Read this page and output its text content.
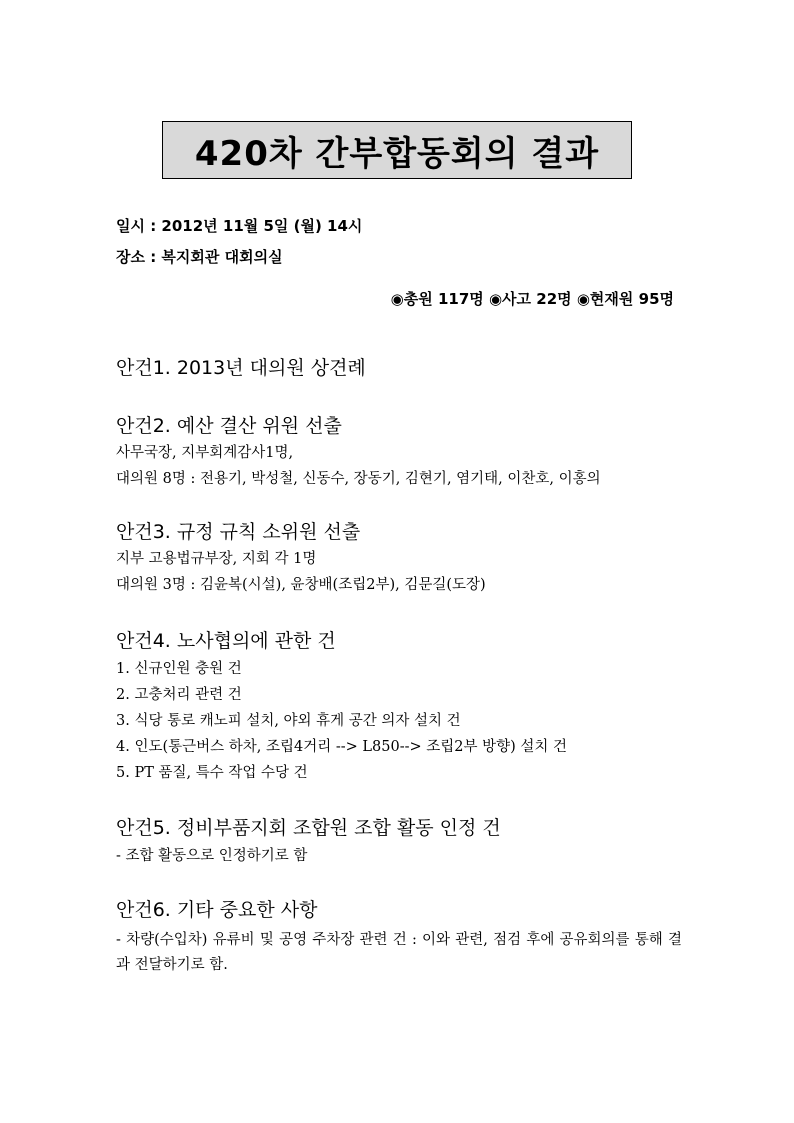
420차 간부합동회의 결과
일시 : 2012년 11월 5일 (월) 14시
장소 : 복지회관 대회의실
◉총원 117명 ◉사고 22명 ◉현재원 95명

안건1. 2013년 대의원 상견례

안건2. 예산 결산 위원 선출

사무국장, 지부회계감사1명,

대의원 8명 : 전용기, 박성철, 신동수, 장동기, 김현기, 염기태, 이찬호, 이홍의

안건3. 규정 규칙 소위원 선출

지부 고용법규부장, 지회 각 1명

대의원 3명 : 김윤복(시설), 윤창배(조립2부), 김문길(도장)

안건4. 노사협의에 관한 건

1. 신규인원 충원 건

2. 고충처리 관련 건

3. 식당 통로 캐노피 설치, 야외 휴게 공간 의자 설치 건

4. 인도(통근버스 하차, 조립4거리 --> L850--> 조립2부 방향) 설치 건

5. PT 품질, 특수 작업 수당 건

안건5. 정비부품지회 조합원 조합 활동 인정 건

- 조합 활동으로 인정하기로 함

안건6. 기타 중요한 사항

- 차량(수입차) 유류비 및 공영 주차장 관련 건 : 이와 관련, 점검 후에 공유회의를 통해 결과 전달하기로 함.
